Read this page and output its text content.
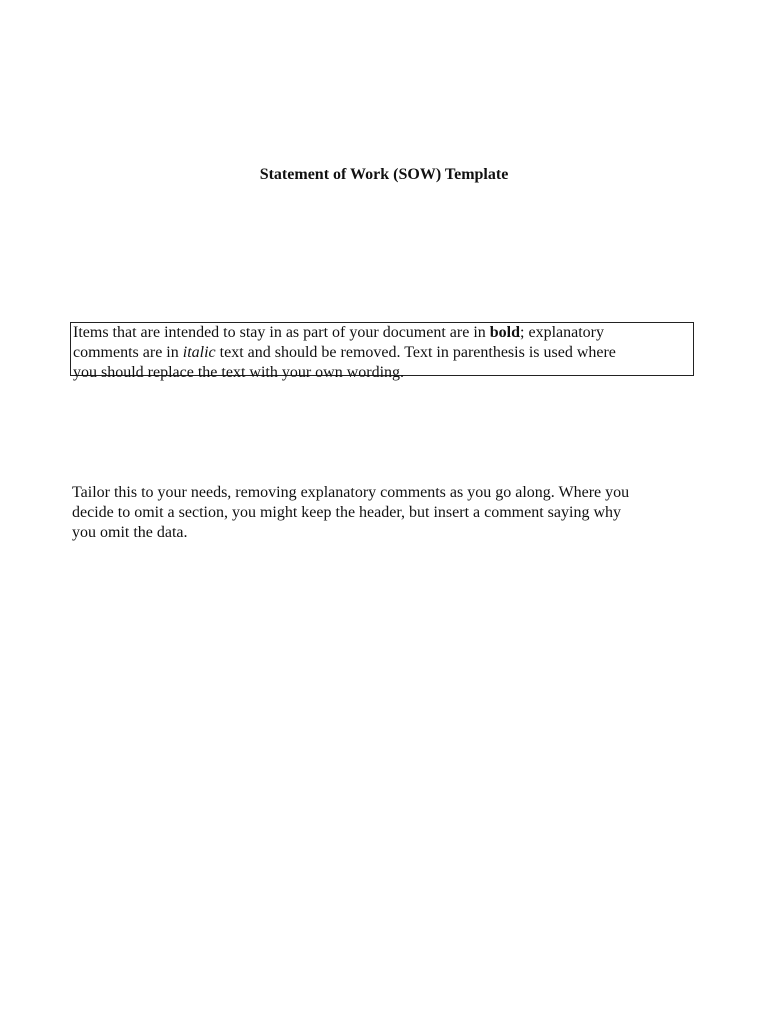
Statement of Work (SOW) Template
Items that are intended to stay in as part of your document are in bold; explanatory
comments are in italic text and should be removed. Text in parenthesis is used where
you should replace the text with your own wording.
Tailor this to your needs, removing explanatory comments as you go along. Where you
decide to omit a section, you might keep the header, but insert a comment saying why
you omit the data.
